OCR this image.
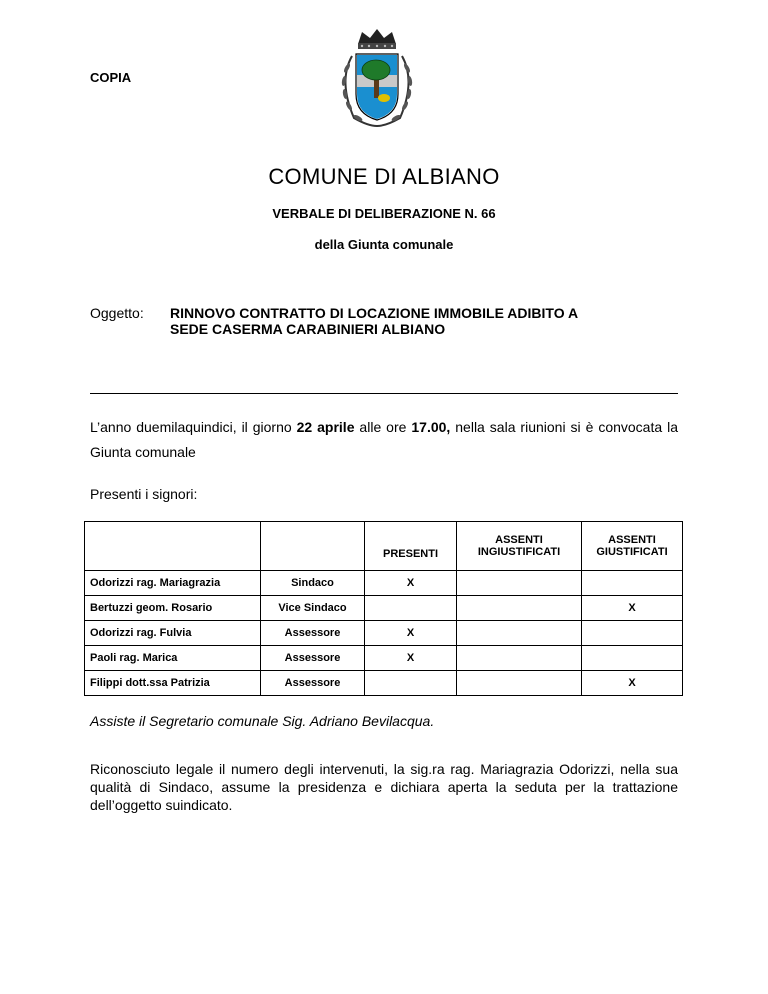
COPIA
COMUNE DI ALBIANO
VERBALE DI DELIBERAZIONE N. 66
della Giunta comunale
Oggetto: RINNOVO CONTRATTO DI LOCAZIONE IMMOBILE ADIBITO A
SEDE CASERMA CARABINIERI ALBIANO
L’anno duemilaquindici, il giorno 22 aprile alle ore 17.00, nella sala riunioni si è convocata la Giunta comunale
Presenti i signori:
		PRESENTI	ASSENTI INGIUSTIFICATI	ASSENTI GIUSTIFICATI
Odorizzi rag. Mariagrazia	Sindaco	X		
Bertuzzi geom. Rosario	Vice Sindaco			X
Odorizzi rag. Fulvia	Assessore	X		
Paoli rag. Marica	Assessore	X		
Filippi dott.ssa Patrizia	Assessore			X
Assiste il Segretario comunale Sig. Adriano Bevilacqua.
Riconosciuto legale il numero degli intervenuti, la sig.ra rag. Mariagrazia Odorizzi, nella sua qualità di Sindaco, assume la presidenza e dichiara aperta la seduta per la trattazione dell’oggetto suindicato.
